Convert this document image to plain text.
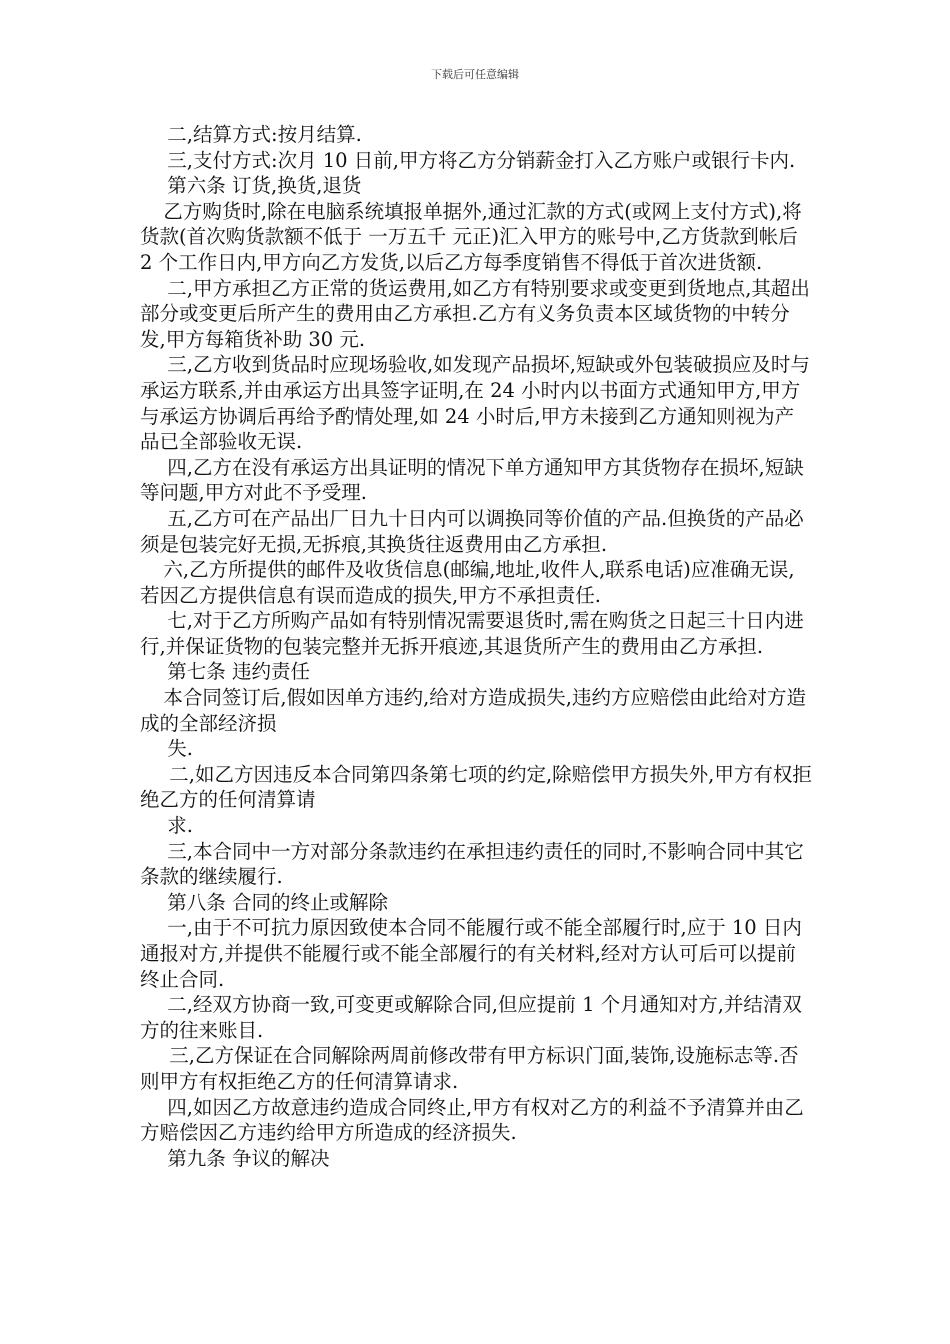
下载后可任意编辑

二,结算方式:按月结算.

三,支付方式:次月 10 日前,甲方将乙方分销薪金打入乙方账户或银行卡内.

第六条 订货,换货,退货

乙方购货时,除在电脑系统填报单据外,通过汇款的方式(或网上支付方式),将货款(首次购货款额不低于 一万五千 元正)汇入甲方的账号中,乙方货款到帐后 2 个工作日内,甲方向乙方发货,以后乙方每季度销售不得低于首次进货额.

二,甲方承担乙方正常的货运费用,如乙方有特别要求或变更到货地点,其超出部分或变更后所产生的费用由乙方承担.乙方有义务负责本区域货物的中转分发,甲方每箱货补助 30 元.

三,乙方收到货品时应现场验收,如发现产品损坏,短缺或外包装破损应及时与承运方联系,并由承运方出具签字证明,在 24 小时内以书面方式通知甲方,甲方与承运方协调后再给予酌情处理,如 24 小时后,甲方未接到乙方通知则视为产品已全部验收无误.

四,乙方在没有承运方出具证明的情况下单方通知甲方其货物存在损坏,短缺等问题,甲方对此不予受理.

五,乙方可在产品出厂日九十日内可以调换同等价值的产品.但换货的产品必须是包装完好无损,无拆痕,其换货往返费用由乙方承担.

六,乙方所提供的邮件及收货信息(邮编,地址,收件人,联系电话)应准确无误,若因乙方提供信息有误而造成的损失,甲方不承担责任.

七,对于乙方所购产品如有特别情况需要退货时,需在购货之日起三十日内进行,并保证货物的包装完整并无拆开痕迹,其退货所产生的费用由乙方承担.

第七条 违约责任

本合同签订后,假如因单方违约,给对方造成损失,违约方应赔偿由此给对方造成的全部经济损

失.

二,如乙方因违反本合同第四条第七项的约定,除赔偿甲方损失外,甲方有权拒绝乙方的任何清算请

求.

三,本合同中一方对部分条款违约在承担违约责任的同时,不影响合同中其它条款的继续履行.

第八条 合同的终止或解除

一,由于不可抗力原因致使本合同不能履行或不能全部履行时,应于 10 日内通报对方,并提供不能履行或不能全部履行的有关材料,经对方认可后可以提前终止合同.

二,经双方协商一致,可变更或解除合同,但应提前 1 个月通知对方,并结清双方的往来账目.

三,乙方保证在合同解除两周前修改带有甲方标识门面,装饰,设施标志等.否则甲方有权拒绝乙方的任何清算请求.

四,如因乙方故意违约造成合同终止,甲方有权对乙方的利益不予清算并由乙方赔偿因乙方违约给甲方所造成的经济损失.

第九条 争议的解决
